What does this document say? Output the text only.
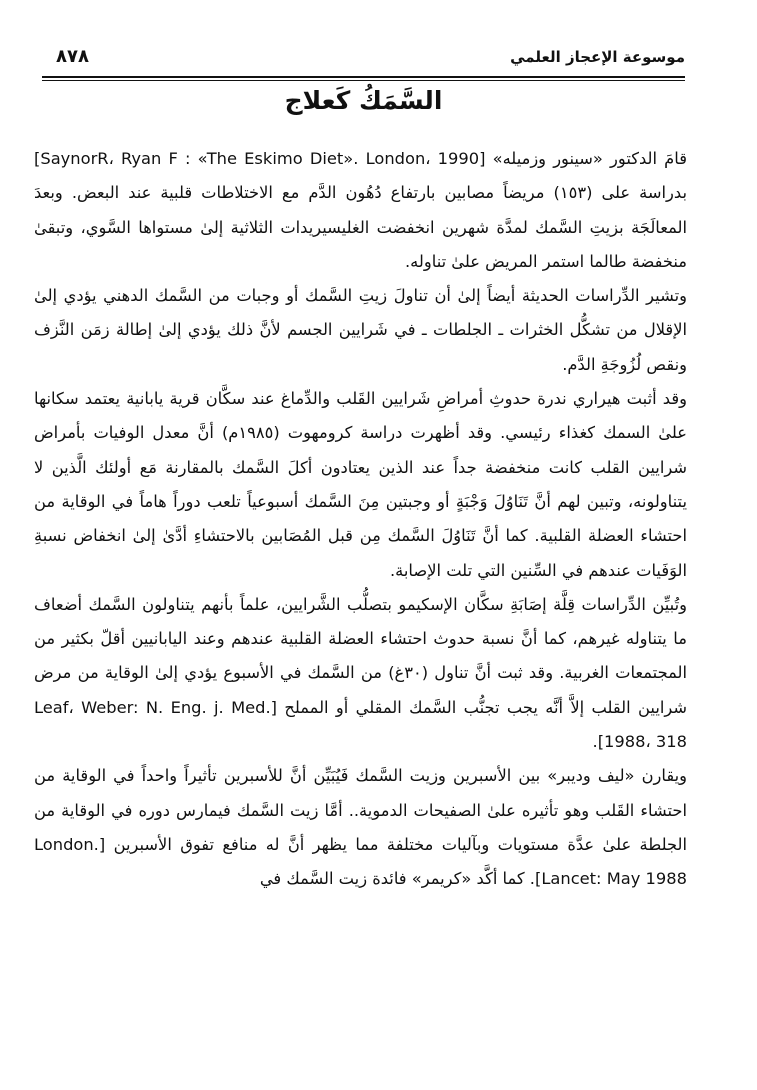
٨٧٨	موسوعة الإعجاز العلمي
السَّمَكُ كَعلاج

قامَ الدكتور «سينور وزميله» [SaynorR، Ryan F : «The Eskimo Diet». London، 1990] بدراسة على (١٥٣) مريضاً مصابين بارتفاع دُهُون الدَّم مع الاختلاطات قلبية عند البعض. وبعدَ المعالَجَة بزيتِ السَّمك لمدَّة شهرين انخفضت الغليسيريدات الثلاثية إلىٰ مستواها السَّوي، وتبقىٰ منخفضة طالما استمر المريض علىٰ تناوله.

وتشير الدِّراسات الحديثة أيضاً إلىٰ أن تناولَ زيتِ السَّمك أو وجبات من السَّمك الدهني يؤدي إلىٰ الإقلال من تشكُّل الخثرات ـ الجلطات ـ في شَرايين الجسم لأنَّ ذلك يؤدي إلىٰ إطالة زمَن النَّزف ونقص لُزُوجَةِ الدَّم.

وقد أثبت هيراري ندرة حدوثِ أمراضِ شَرايين القَلب والدِّماغ عند سكَّان قرية يابانية يعتمد سكانها علىٰ السمك كغذاء رئيسي. وقد أظهرت دراسة كرومهوت (١٩٨٥م) أنَّ معدل الوفيات بأمراض شرايين القلب كانت منخفضة جداً عند الذين يعتادون أكلَ السَّمك بالمقارنة مَع أولئك الَّذين لا يتناولونه، وتبين لهم أنَّ تَنَاوُلَ وَجْبَةٍ أو وجبتين مِنَ السَّمك أسبوعياً تلعب دوراً هاماً في الوقاية من احتشاء العضلة القلبية. كما أنَّ تَنَاوُلَ السَّمك مِن قبل المُصَابين بالاحتشاءِ أدَّىٰ إلىٰ انخفاض نسبةِ الوَفَيات عندهم في السِّنين التي تلت الإصابة.

وتُبيِّن الدِّراسات قِلَّة إصَابَةِ سكَّان الإسكيمو بتصلُّب الشَّرايين، علماً بأنهم يتناولون السَّمك أضعاف ما يتناوله غيرهم، كما أنَّ نسبة حدوث احتشاء العضلة القلبية عندهم وعند اليابانيين أقلّ بكثير من المجتمعات الغربية. وقد ثبت أنَّ تناول (٣٠غ) من السَّمك في الأسبوع يؤدي إلىٰ الوقاية من مرض شرايين القلب إلاَّ أنَّه يجب تجنُّب السَّمك المقلي أو المملح [Leaf، Weber: N. Eng. j. Med. 1988، 318].

ويقارن «ليف وديبر» بين الأسبرين وزيت السَّمك فَيُبَيِّن أنَّ للأسبرين تأثيراً واحداً في الوقاية من احتشاء القَلب وهو تأثيره علىٰ الصفيحات الدموية.. أمَّا زيت السَّمك فيمارس دوره في الوقاية من الجلطة علىٰ عدَّة مستويات وبآليات مختلفة مما يظهر أنَّ له منافع تفوق الأسبرين [London. Lancet: May 1988]. كما أكَّد «كريمر» فائدة زيت السَّمك في
